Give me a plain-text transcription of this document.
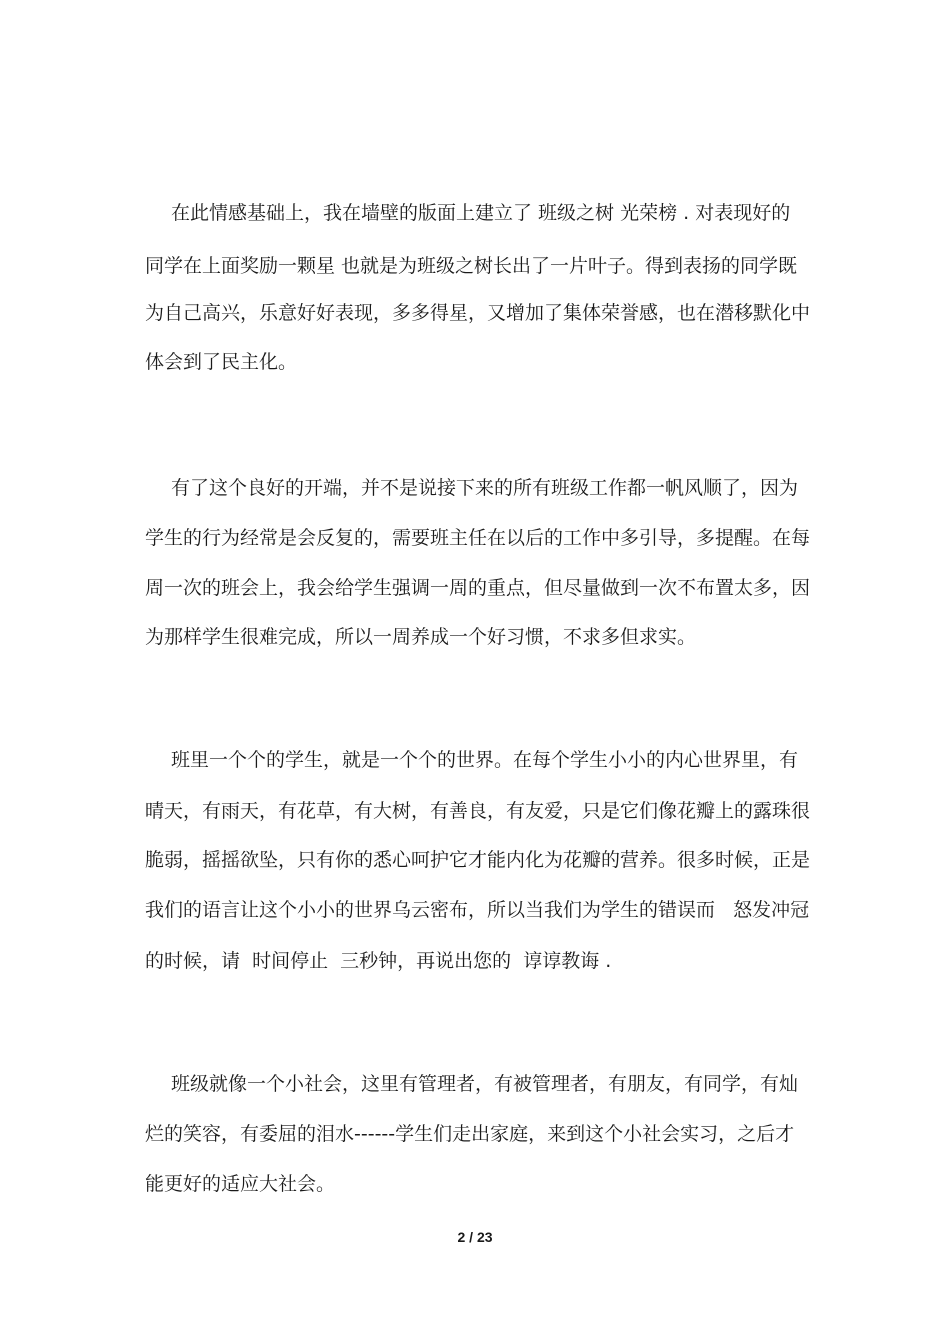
在此情感基础上，我在墙壁的版面上建立了 班级之树 光荣榜 . 对表现好的
同学在上面奖励一颗星 也就是为班级之树长出了一片叶子。得到表扬的同学既
为自己高兴，乐意好好表现，多多得星，又增加了集体荣誉感，也在潜移默化中
体会到了民主化。
有了这个良好的开端，并不是说接下来的所有班级工作都一帆风顺了，因为
学生的行为经常是会反复的，需要班主任在以后的工作中多引导，多提醒。在每
周一次的班会上，我会给学生强调一周的重点，但尽量做到一次不布置太多，因
为那样学生很难完成，所以一周养成一个好习惯，不求多但求实。
班里一个个的学生，就是一个个的世界。在每个学生小小的内心世界里，有
晴天，有雨天，有花草，有大树，有善良，有友爱，只是它们像花瓣上的露珠很
脆弱，摇摇欲坠，只有你的悉心呵护它才能内化为花瓣的营养。很多时候，正是
我们的语言让这个小小的世界乌云密布，所以当我们为学生的错误而   怒发冲冠
的时候，请  时间停止  三秒钟，再说出您的  谆谆教诲 .
班级就像一个小社会，这里有管理者，有被管理者，有朋友，有同学，有灿
烂的笑容，有委屈的泪水------学生们走出家庭，来到这个小社会实习，之后才
能更好的适应大社会。
2 / 23
